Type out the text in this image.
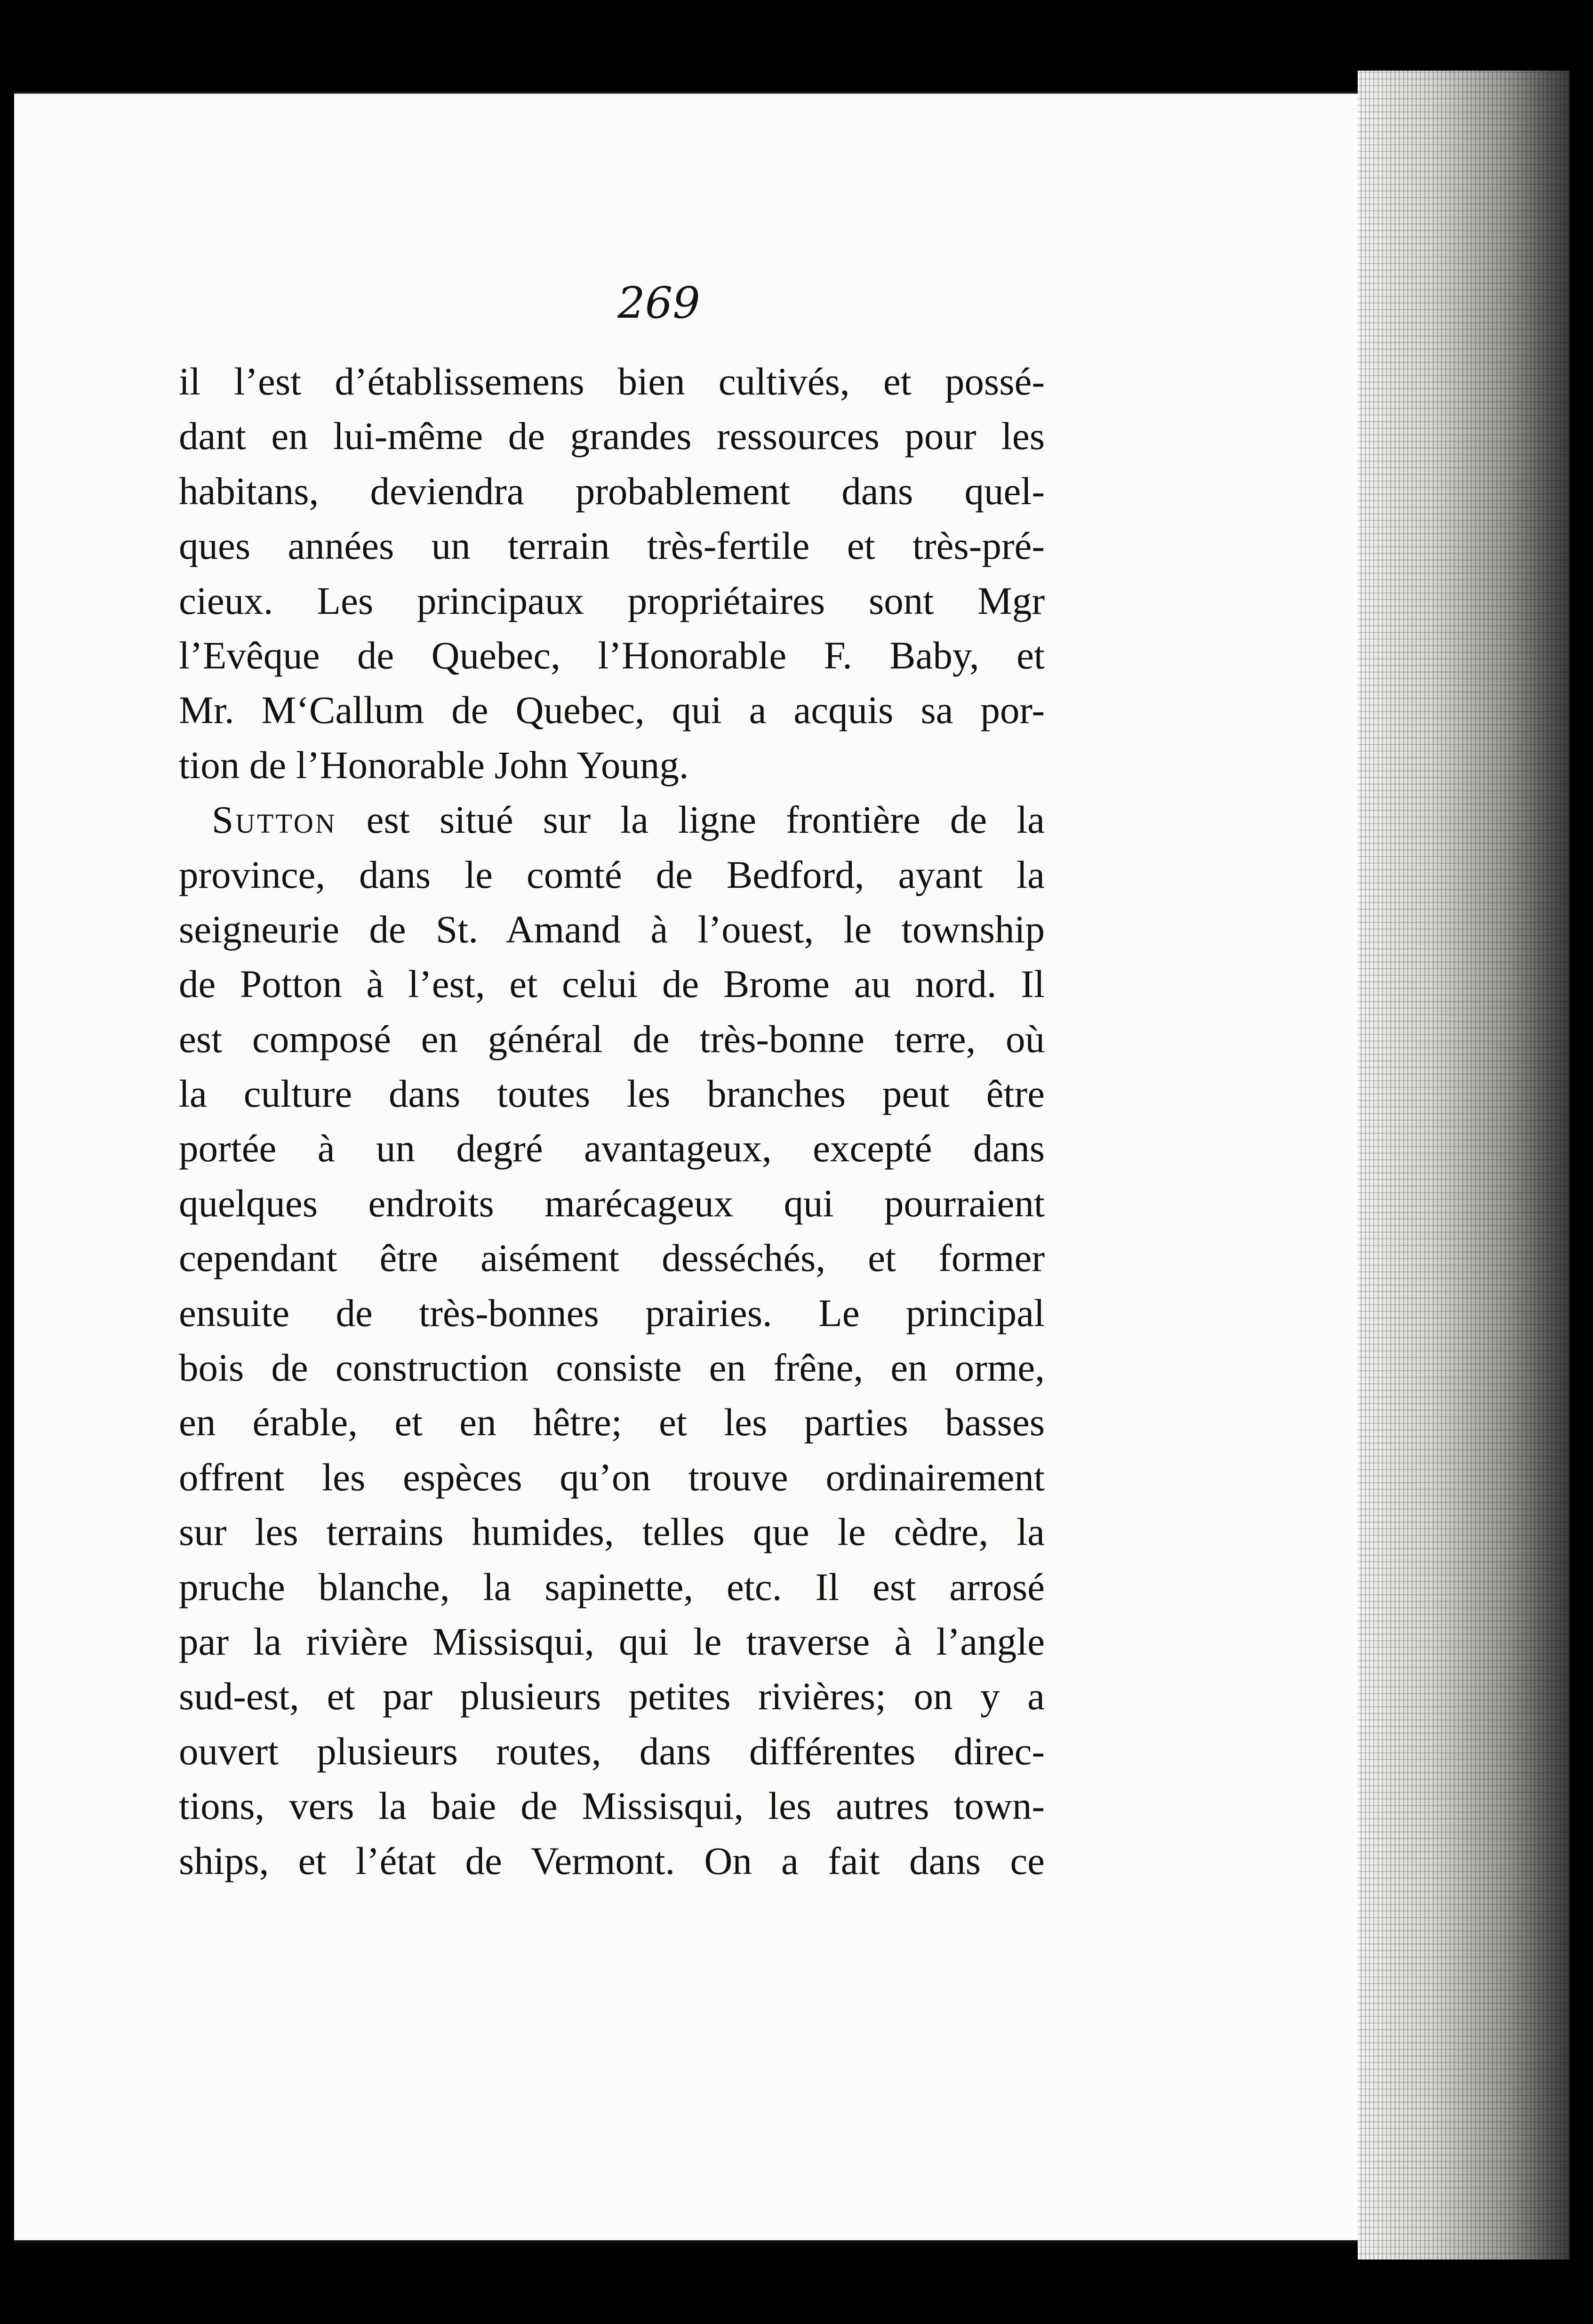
269
il l’est d’établissemens bien cultivés, et possé-
dant en lui-même de grandes ressources pour les
habitans, deviendra probablement dans quel-
ques années un terrain très-fertile et très-pré-
cieux. Les principaux propriétaires sont Mgr
l’Evêque de Quebec, l’Honorable F. Baby, et
Mr. M‘Callum de Quebec, qui a acquis sa por-
tion de l’Honorable John Young.
Sutton est situé sur la ligne frontière de la
province, dans le comté de Bedford, ayant la
seigneurie de St. Amand à l’ouest, le township
de Potton à l’est, et celui de Brome au nord. Il
est composé en général de très-bonne terre, où
la culture dans toutes les branches peut être
portée à un degré avantageux, excepté dans
quelques endroits marécageux qui pourraient
cependant être aisément desséchés, et former
ensuite de très-bonnes prairies. Le principal
bois de construction consiste en frêne, en orme,
en érable, et en hêtre; et les parties basses
offrent les espèces qu’on trouve ordinairement
sur les terrains humides, telles que le cèdre, la
pruche blanche, la sapinette, etc. Il est arrosé
par la rivière Missisqui, qui le traverse à l’angle
sud-est, et par plusieurs petites rivières; on y a
ouvert plusieurs routes, dans différentes direc-
tions, vers la baie de Missisqui, les autres town-
ships, et l’état de Vermont. On a fait dans ce
